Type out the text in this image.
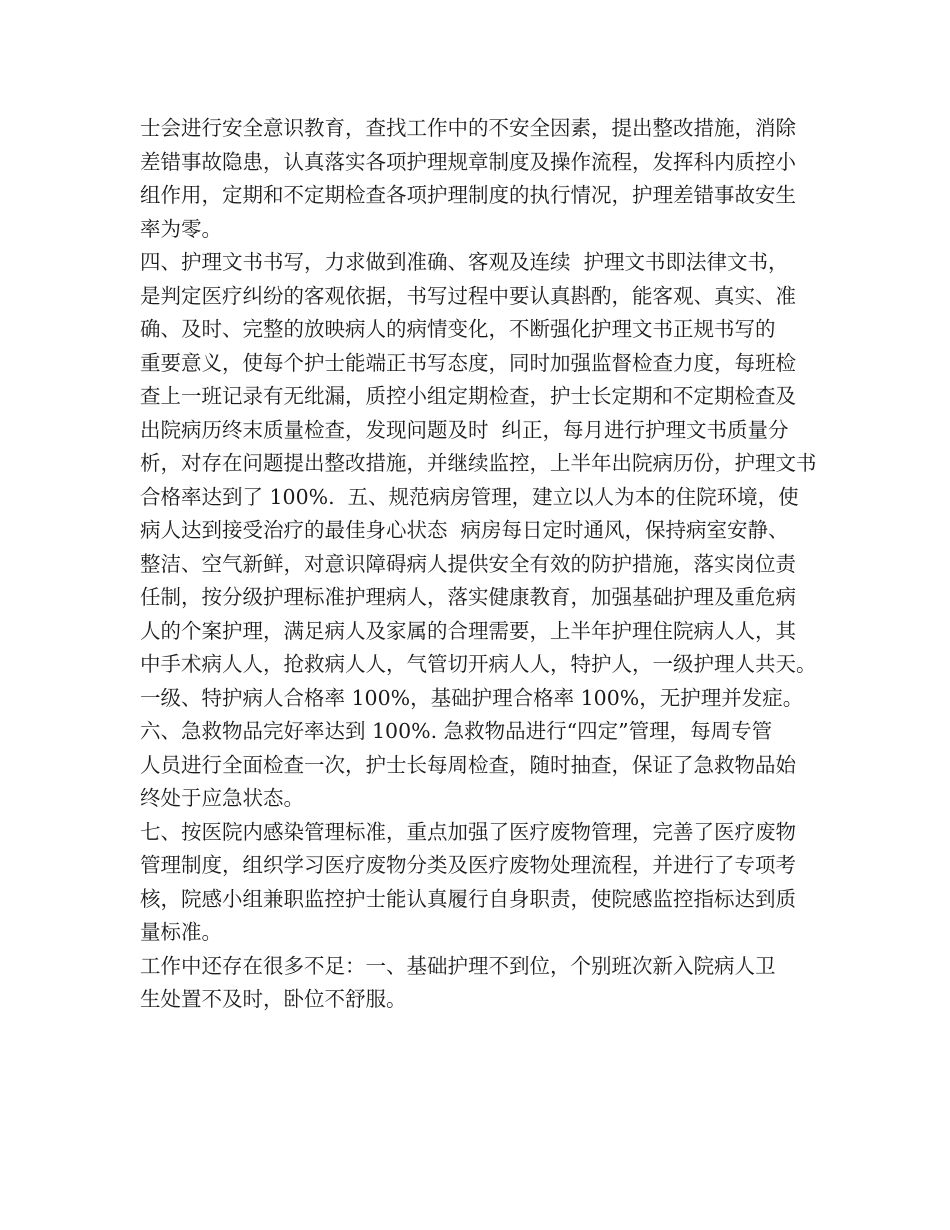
士会进行安全意识教育，查找工作中的不安全因素，提出整改措施，消除
差错事故隐患，认真落实各项护理规章制度及操作流程，发挥科内质控小
组作用，定期和不定期检查各项护理制度的执行情况，护理差错事故安生
率为零。
四、护理文书书写，力求做到准确、客观及连续  护理文书即法律文书，
是判定医疗纠纷的客观依据，书写过程中要认真斟酌，能客观、真实、准
确、及时、完整的放映病人的病情变化，不断强化护理文书正规书写的
重要意义，使每个护士能端正书写态度，同时加强监督检查力度，每班检
查上一班记录有无纰漏，质控小组定期检查，护士长定期和不定期检查及
出院病历终末质量检查，发现问题及时  纠正，每月进行护理文书质量分
析，对存在问题提出整改措施，并继续监控，上半年出院病历份，护理文书
合格率达到了 100%.  五、规范病房管理，建立以人为本的住院环境，使
病人达到接受治疗的最佳身心状态  病房每日定时通风，保持病室安静、
整洁、空气新鲜，对意识障碍病人提供安全有效的防护措施，落实岗位责
任制，按分级护理标准护理病人，落实健康教育，加强基础护理及重危病
人的个案护理，满足病人及家属的合理需要，上半年护理住院病人人，其
中手术病人人，抢救病人人，气管切开病人人，特护人，一级护理人共天。
一级、特护病人合格率 100%，基础护理合格率 100%，无护理并发症。
六、急救物品完好率达到 100%. 急救物品进行“四定”管理，每周专管
人员进行全面检查一次，护士长每周检查，随时抽查，保证了急救物品始
终处于应急状态。
七、按医院内感染管理标准，重点加强了医疗废物管理，完善了医疗废物
管理制度，组织学习医疗废物分类及医疗废物处理流程，并进行了专项考
核，院感小组兼职监控护士能认真履行自身职责，使院感监控指标达到质
量标准。
工作中还存在很多不足：一、基础护理不到位，个别班次新入院病人卫
生处置不及时，卧位不舒服。
